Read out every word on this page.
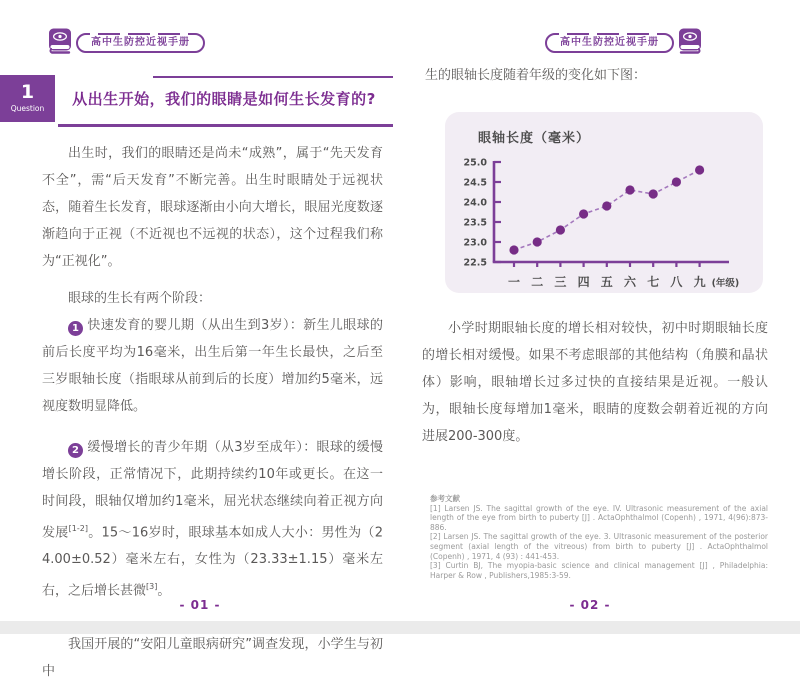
高中生防控近视手册
1
Question
从出生开始，我们的眼睛是如何生长发育的?

出生时，我们的眼睛还是尚未“成熟”，属于“先天发育不全”，需“后天发育”不断完善。出生时眼睛处于远视状态，随着生长发育，眼球逐渐由小向大增长，眼屈光度数逐渐趋向于正视（不近视也不远视的状态），这个过程我们称为“正视化”。

眼球的生长有两个阶段：

1 快速发育的婴儿期（从出生到3岁）：新生儿眼球的前后长度平均为16毫米，出生后第一年生长最快，之后至三岁眼轴长度（指眼球从前到后的长度）增加约5毫米，远视度数明显降低。

2 缓慢增长的青少年期（从3岁至成年）：眼球的缓慢增长阶段，正常情况下，此期持续约10年或更长。在这一时间段，眼轴仅增加约1毫米，屈光状态继续向着正视方向发展[1-2]。15～16岁时，眼球基本如成人大小：男性为（24.00±0.52）毫米左右，女性为（23.33±1.15）毫米左右，之后增长甚微[3]。

我国开展的“安阳儿童眼病研究”调查发现，小学生与初中

- 01 -
高中生防控近视手册

生的眼轴长度随着年级的变化如下图：

眼轴长度（毫米）
22.5
23.0
23.5
24.0
24.5
25.0
一 二 三 四 五 六 七 八 九 (年级)

小学时期眼轴长度的增长相对较快，初中时期眼轴长度的增长相对缓慢。如果不考虑眼部的其他结构（角膜和晶状体）影响，眼轴增长过多过快的直接结果是近视。一般认为，眼轴长度每增加1毫米，眼睛的度数会朝着近视的方向进展200-300度。

参考文献

[1] Larsen JS. The sagittal growth of the eye. IV. Ultrasonic measurement of the axial length of the eye from birth to puberty [J] . ActaOphthalmol (Copenh) , 1971, 4(96):873-886.

[2] Larsen JS. The sagittal growth of the eye. 3. Ultrasonic measurement of the posterior segment (axial length of the vitreous) from birth to puberty [J] . ActaOphthalmol (Copenh) , 1971, 4 (93) : 441-453.

[3] Curtin BJ, The myopia-basic science and clinical management [J] , Philadelphia: Harper & Row , Publishers,1985:3-59.

- 02 -
